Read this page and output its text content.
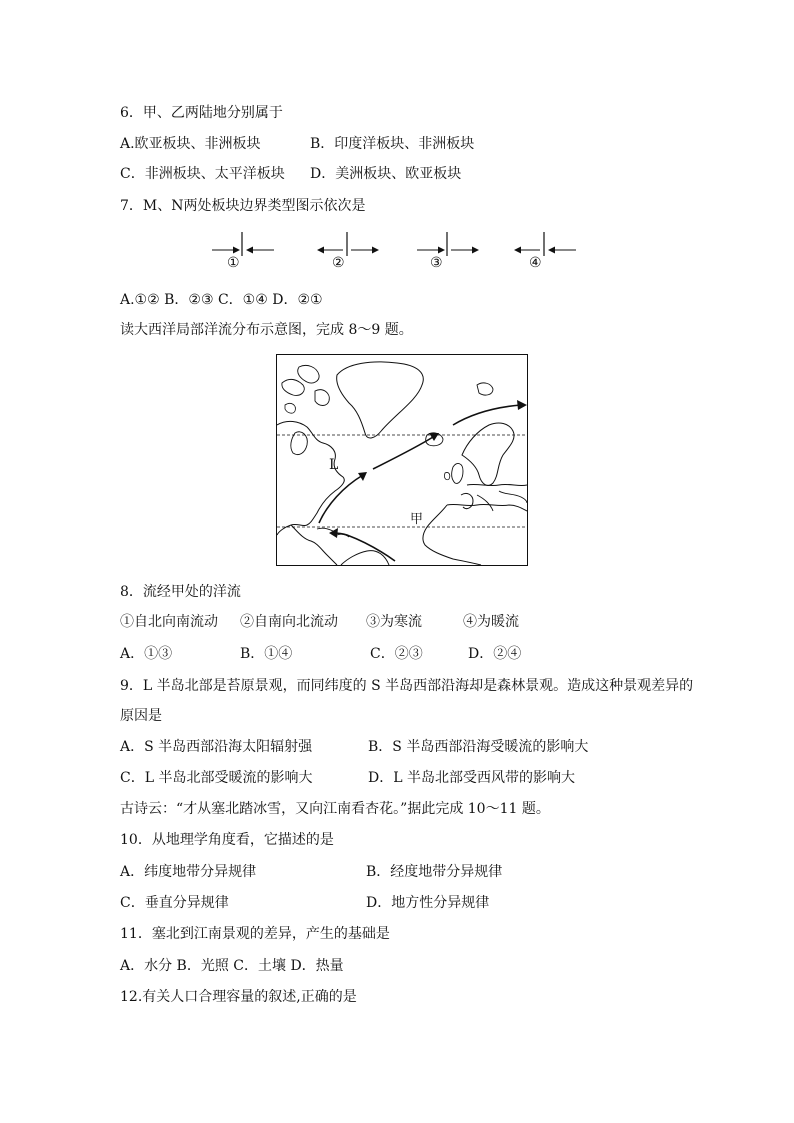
6．甲、乙两陆地分别属于
A.欧亚板块、非洲板块	B．印度洋板块、非洲板块
C．非洲板块、太平洋板块 D．美洲板块、欧亚板块
7．M、N两处板块边界类型图示依次是
①	②	③	④
A.①② B．②③ C．①④ D．②①
读大西洋局部洋流分布示意图，完成 8～9 题。
L
甲
8．流经甲处的洋流
①自北向南流动 ②自南向北流动 ③为寒流	④为暖流
A．①③	B．①④	C．②③	D．②④
9．L 半岛北部是苔原景观，而同纬度的 S 半岛西部沿海却是森林景观。造成这种景观差异的
原因是
A．S 半岛西部沿海太阳辐射强	B．S 半岛西部沿海受暖流的影响大
C．L 半岛北部受暖流的影响大	D．L 半岛北部受西风带的影响大
古诗云：“才从塞北踏冰雪，又向江南看杏花。”据此完成 10～11 题。
10．从地理学角度看，它描述的是
A．纬度地带分异规律	B．经度地带分异规律
C．垂直分异规律	D．地方性分异规律
11．塞北到江南景观的差异，产生的基础是
A．水分 B．光照 C．土壤 D．热量
12.有关人口合理容量的叙述,正确的是
